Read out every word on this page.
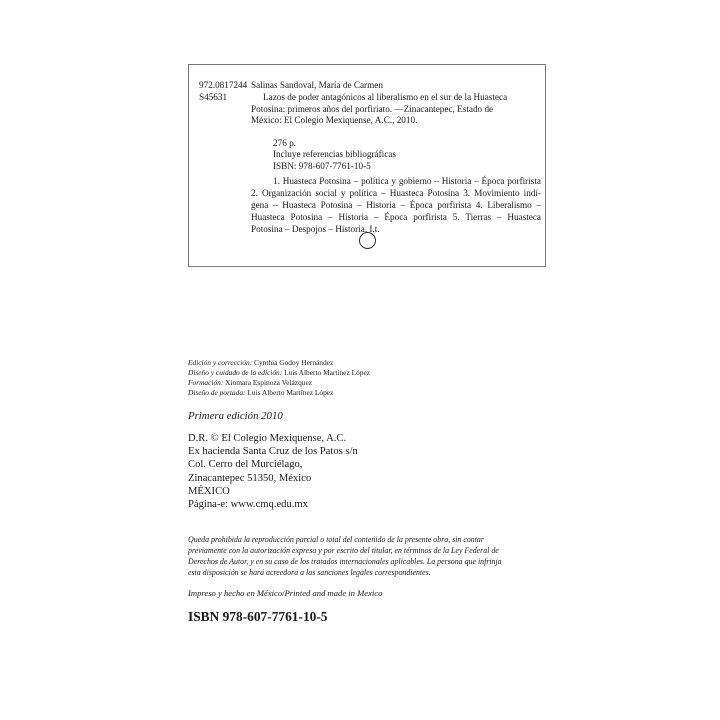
972.0817244
S45631
Salinas Sandoval, María de Carmen
Lazos de poder antagónicos al liberalismo en el sur de la Huasteca
Potosina: primeros años del porfiriato. —Zinacantepec, Estado de
México: El Colegio Mexiquense, A.C., 2010.
276 p.
Incluye referencias bibliográficas
ISBN: 978-607-7761-10-5
1. Huasteca Potosina – política y gobierno – Historia – Época porfirista
2. Organización social y política – Huasteca Potosina 3. Movimiento indí-
gena – Huasteca Potosina – Historia – Época porfirista 4. Liberalismo –
Huasteca Potosina – Historia – Época porfirista 5. Tierras – Huasteca
Potosina – Despojos – Historia. I.t.
Edición y corrección: Cynthia Godoy Hernández
Diseño y cuidado de la edición: Luis Alberto Martínez López
Formación: Xiomara Espinoza Velázquez
Diseño de portada: Luis Alberto Martínez López
Primera edición 2010
D.R. © El Colegio Mexiquense, A.C.
Ex hacienda Santa Cruz de los Patos s/n
Col. Cerro del Murciélago,
Zinacantepec 51350, México
MÉXICO
Página-e: www.cmq.edu.mx
Queda prohibida la reproducción parcial o total del contenido de la presente obra, sin contar
previamente con la autorización expresa y por escrito del titular, en términos de la Ley Federal de
Derechos de Autor, y en su caso de los tratados internacionales aplicables. La persona que infrinja
esta disposición se hará acreedora a las sanciones legales correspondientes.
Impreso y hecho en México/Printed and made in Mexico
ISBN 978-607-7761-10-5
